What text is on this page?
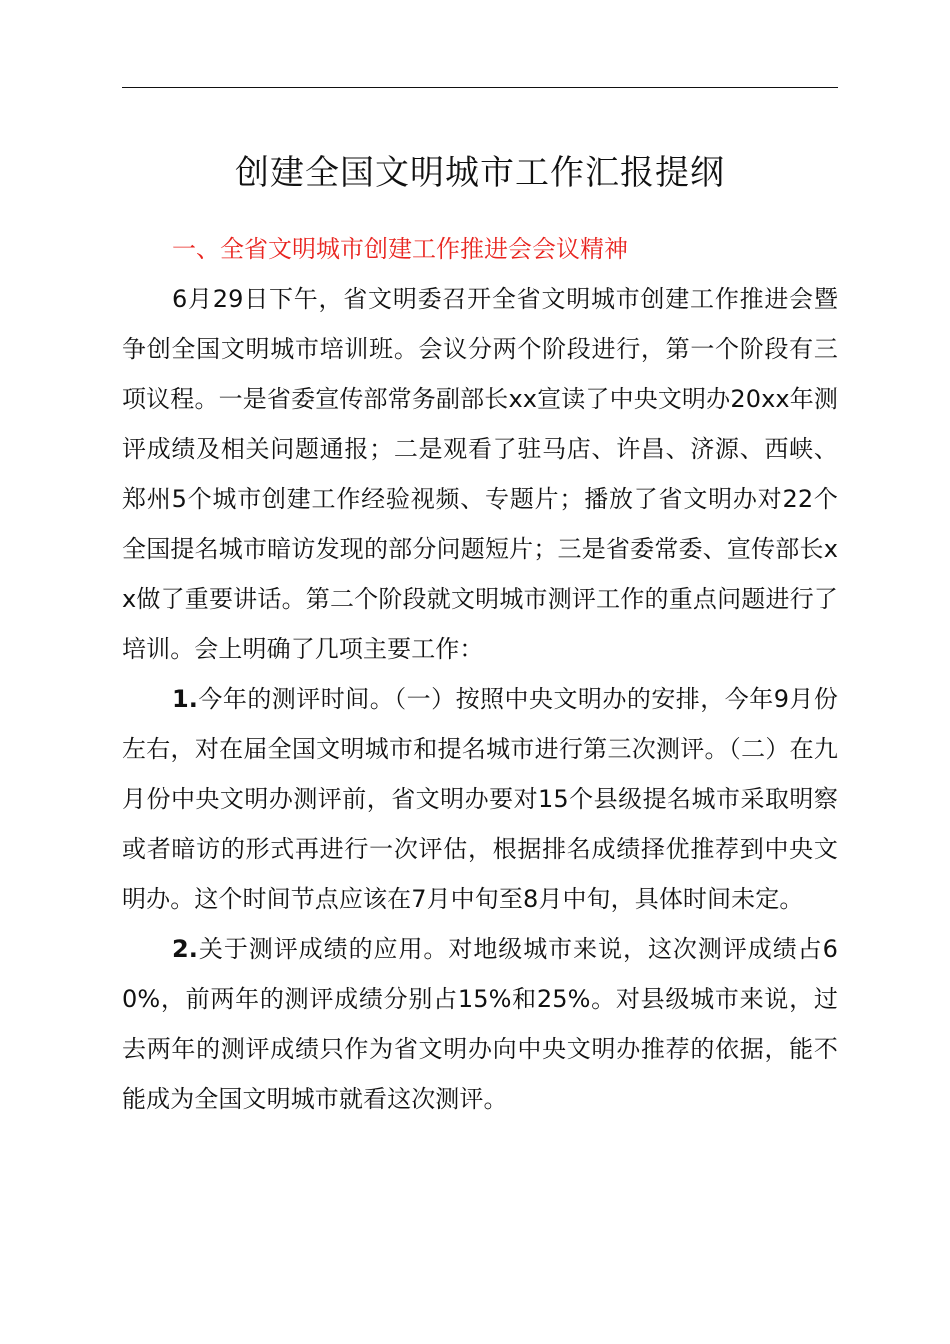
创建全国文明城市工作汇报提纲
一、全省文明城市创建工作推进会会议精神

6月29日下午，省文明委召开全省文明城市创建工作推进会暨争创全国文明城市培训班。会议分两个阶段进行，第一个阶段有三项议程。一是省委宣传部常务副部长xx宣读了中央文明办20xx年测评成绩及相关问题通报；二是观看了驻马店、许昌、济源、西峡、郑州5个城市创建工作经验视频、专题片；播放了省文明办对22个全国提名城市暗访发现的部分问题短片；三是省委常委、宣传部长xx做了重要讲话。第二个阶段就文明城市测评工作的重点问题进行了培训。会上明确了几项主要工作：

1.今年的测评时间。（一）按照中央文明办的安排，今年9月份左右，对在届全国文明城市和提名城市进行第三次测评。（二）在九月份中央文明办测评前，省文明办要对15个县级提名城市采取明察或者暗访的形式再进行一次评估，根据排名成绩择优推荐到中央文明办。这个时间节点应该在7月中旬至8月中旬，具体时间未定。

2.关于测评成绩的应用。对地级城市来说，这次测评成绩占60%，前两年的测评成绩分别占15%和25%。对县级城市来说，过去两年的测评成绩只作为省文明办向中央文明办推荐的依据，能不能成为全国文明城市就看这次测评。
